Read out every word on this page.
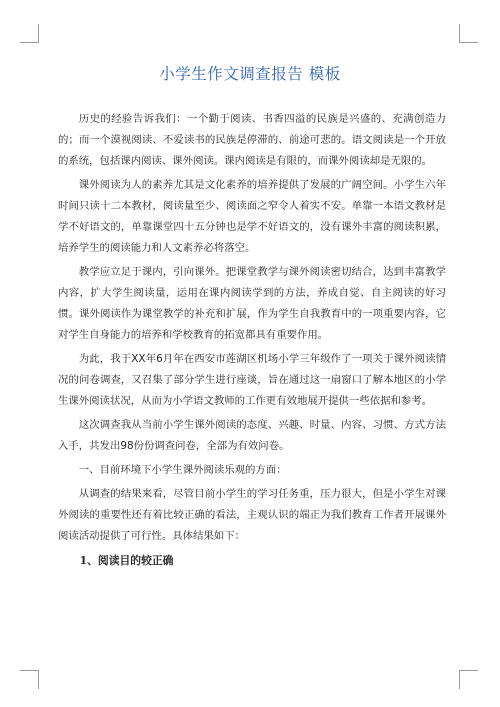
小学生作文调查报告 模板

历史的经验告诉我们：一个勤于阅读、书香四溢的民族是兴盛的、充满创造力的；而一个漠视阅读、不爱读书的民族是停滞的、前途可悲的。语文阅读是一个开放的系统，包括课内阅读、课外阅读。课内阅读是有限的，而课外阅读却是无限的。

课外阅读为人的素养尤其是文化素养的培养提供了发展的广阔空间。小学生六年时间只读十二本教材，阅读量至少、阅读面之窄令人着实不安。单靠一本语文教材是学不好语文的，单靠课堂四十五分钟也是学不好语文的，没有课外丰富的阅读积累，培养学生的阅读能力和人文素养必将落空。

教学应立足于课内，引向课外。把课堂教学与课外阅读密切结合，达到丰富教学内容，扩大学生阅读量，运用在课内阅读学到的方法，养成自觉、自主阅读的好习惯。课外阅读作为课堂教学的补充和扩展，作为学生自我教育中的一项重要内容，它对学生自身能力的培养和学校教育的拓宽都具有重要作用。

为此，我于XX年6月年在西安市莲湖区机场小学三年级作了一项关于课外阅读情况的问卷调查，又召集了部分学生进行座谈，旨在通过这一扇窗口了解本地区的小学生课外阅读状况，从而为小学语文教师的工作更有效地展开提供一些依据和参考。

这次调查我从当前小学生课外阅读的态度、兴趣、时量、内容、习惯、方式方法入手，共发出98份份调查问卷，全部为有效问卷。

一、目前环境下小学生课外阅读乐观的方面：

从调查的结果来看，尽管目前小学生的学习任务重，压力很大，但是小学生对课外阅读的重要性还有着比较正确的看法，主观认识的端正为我们教育工作者开展课外阅读活动提供了可行性。具体结果如下：

1、阅读目的较正确
